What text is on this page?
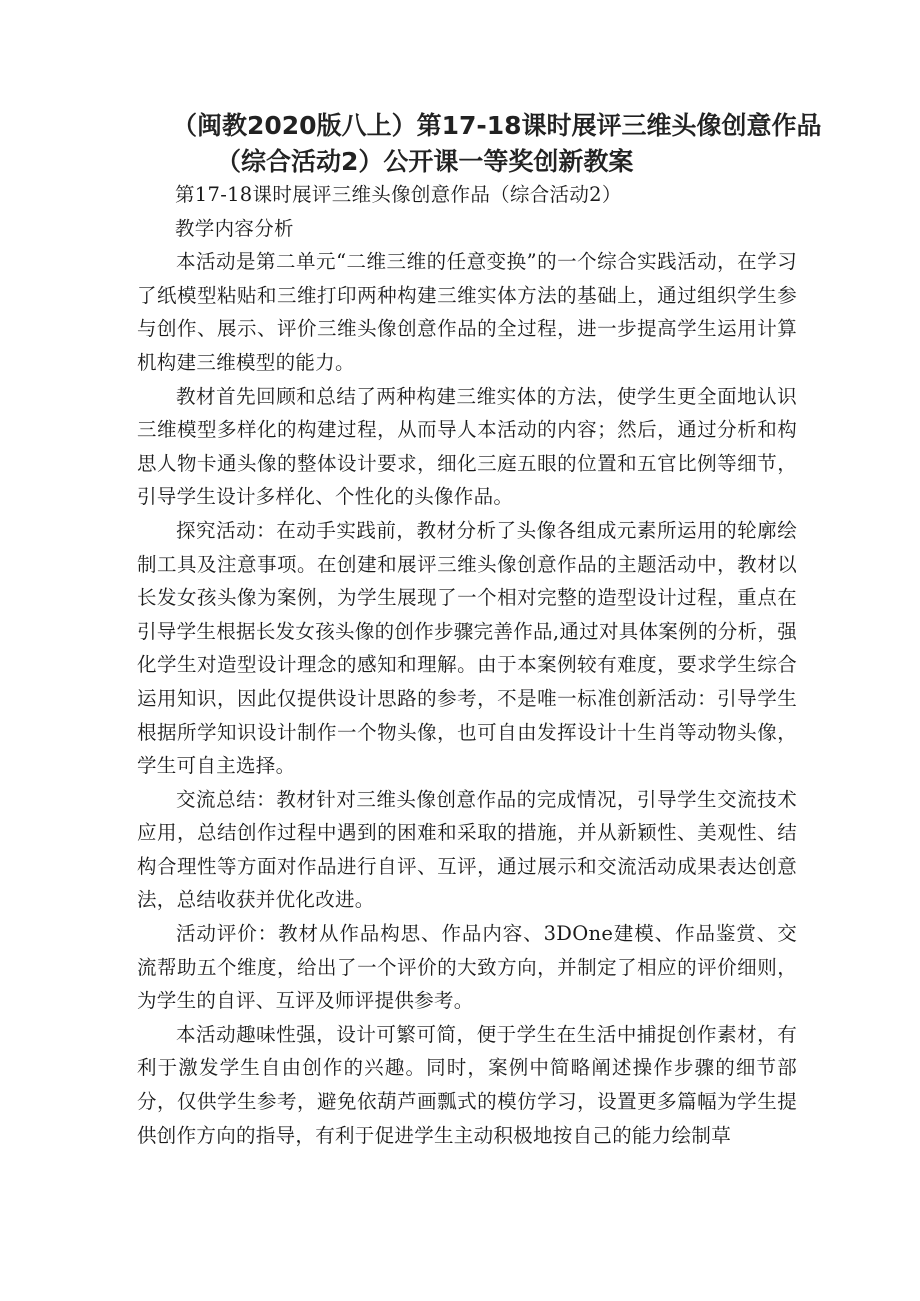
（闽教2020版八上）第17-18课时展评三维头像创意作品
（综合活动2）公开课一等奖创新教案

第17-18课时展评三维头像创意作品（综合活动2）

教学内容分析

本活动是第二单元“二维三维的任意变换”的一个综合实践活动，在学习了纸模型粘贴和三维打印两种构建三维实体方法的基础上，通过组织学生参与创作、展示、评价三维头像创意作品的全过程，进一步提高学生运用计算机构建三维模型的能力。

教材首先回顾和总结了两种构建三维实体的方法，使学生更全面地认识三维模型多样化的构建过程，从而导人本活动的内容；然后，通过分析和构思人物卡通头像的整体设计要求，细化三庭五眼的位置和五官比例等细节，引导学生设计多样化、个性化的头像作品。

探究活动：在动手实践前，教材分析了头像各组成元素所运用的轮廓绘制工具及注意事项。在创建和展评三维头像创意作品的主题活动中，教材以长发女孩头像为案例，为学生展现了一个相对完整的造型设计过程，重点在引导学生根据长发女孩头像的创作步骤完善作品,通过对具体案例的分析，强化学生对造型设计理念的感知和理解。由于本案例较有难度，要求学生综合运用知识，因此仅提供设计思路的参考，不是唯一标准创新活动：引导学生根据所学知识设计制作一个物头像，也可自由发挥设计十生肖等动物头像，学生可自主选择。

交流总结：教材针对三维头像创意作品的完成情况，引导学生交流技术应用，总结创作过程中遇到的困难和采取的措施，并从新颖性、美观性、结构合理性等方面对作品进行自评、互评，通过展示和交流活动成果表达创意法，总结收获并优化改进。

活动评价：教材从作品构思、作品内容、3DOne建模、作品鉴赏、交流帮助五个维度，给出了一个评价的大致方向，并制定了相应的评价细则，为学生的自评、互评及师评提供参考。

本活动趣味性强，设计可繁可简，便于学生在生活中捕捉创作素材，有利于激发学生自由创作的兴趣。同时，案例中简略阐述操作步骤的细节部分，仅供学生参考，避免依葫芦画瓢式的模仿学习，设置更多篇幅为学生提供创作方向的指导，有利于促进学生主动积极地按自己的能力绘制草
